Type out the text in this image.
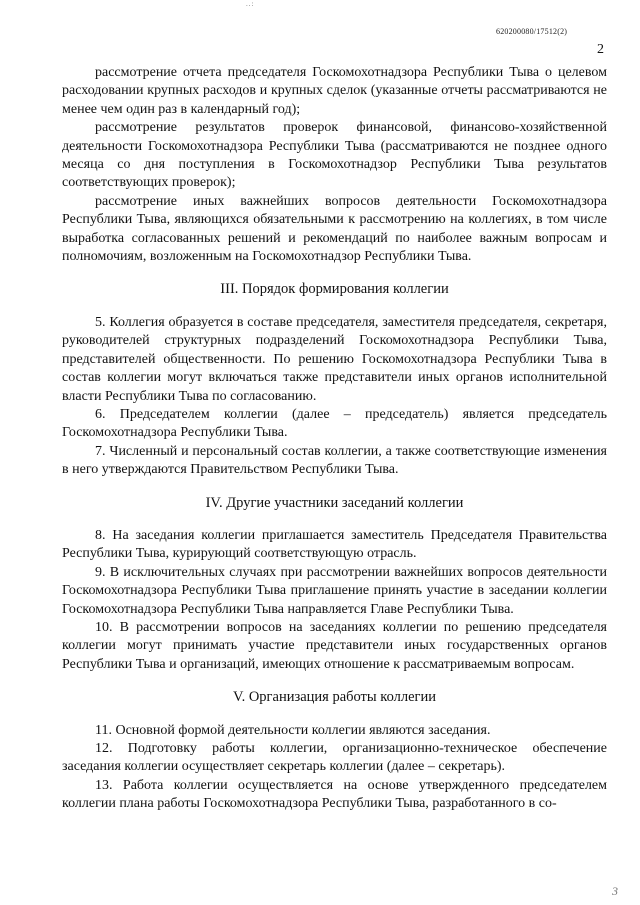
..:
620200080/17512(2)
2

рассмотрение отчета председателя Госкомохотнадзора Республики Тыва о целевом расходовании крупных расходов и крупных сделок (указанные отчеты рассматриваются не менее чем один раз в календарный год);

рассмотрение результатов проверок финансовой, финансово-хозяйственной деятельности Госкомохотнадзора Республики Тыва (рассматриваются не позднее одного месяца со дня поступления в Госкомохотнадзор Республики Тыва результатов соответствующих проверок);

рассмотрение иных важнейших вопросов деятельности Госкомохотнадзора Республики Тыва, являющихся обязательными к рассмотрению на коллегиях, в том числе выработка согласованных решений и рекомендаций по наиболее важным вопросам и полномочиям, возложенным на Госкомохотнадзор Республики Тыва.

III. Порядок формирования коллегии

5. Коллегия образуется в составе председателя, заместителя председателя, секретаря, руководителей структурных подразделений Госкомохотнадзора Республики Тыва, представителей общественности. По решению Госкомохотнадзора Республики Тыва в состав коллегии могут включаться также представители иных органов исполнительной власти Республики Тыва по согласованию.

6. Председателем коллегии (далее – председатель) является председатель Госкомохотнадзора Республики Тыва.

7. Численный и персональный состав коллегии, а также соответствующие изменения в него утверждаются Правительством Республики Тыва.

IV. Другие участники заседаний коллегии

8. На заседания коллегии приглашается заместитель Председателя Правительства Республики Тыва, курирующий соответствующую отрасль.

9. В исключительных случаях при рассмотрении важнейших вопросов деятельности Госкомохотнадзора Республики Тыва приглашение принять участие в заседании коллегии Госкомохотнадзора Республики Тыва направляется Главе Республики Тыва.

10. В рассмотрении вопросов на заседаниях коллегии по решению председателя коллегии могут принимать участие представители иных государственных органов Республики Тыва и организаций, имеющих отношение к рассматриваемым вопросам.

V. Организация работы коллегии

11. Основной формой деятельности коллегии являются заседания.

12. Подготовку работы коллегии, организационно-техническое обеспечение заседания коллегии осуществляет секретарь коллегии (далее – секретарь).

13. Работа коллегии осуществляется на основе утвержденного председателем коллегии плана работы Госкомохотнадзора Республики Тыва, разработанного в со-

3
